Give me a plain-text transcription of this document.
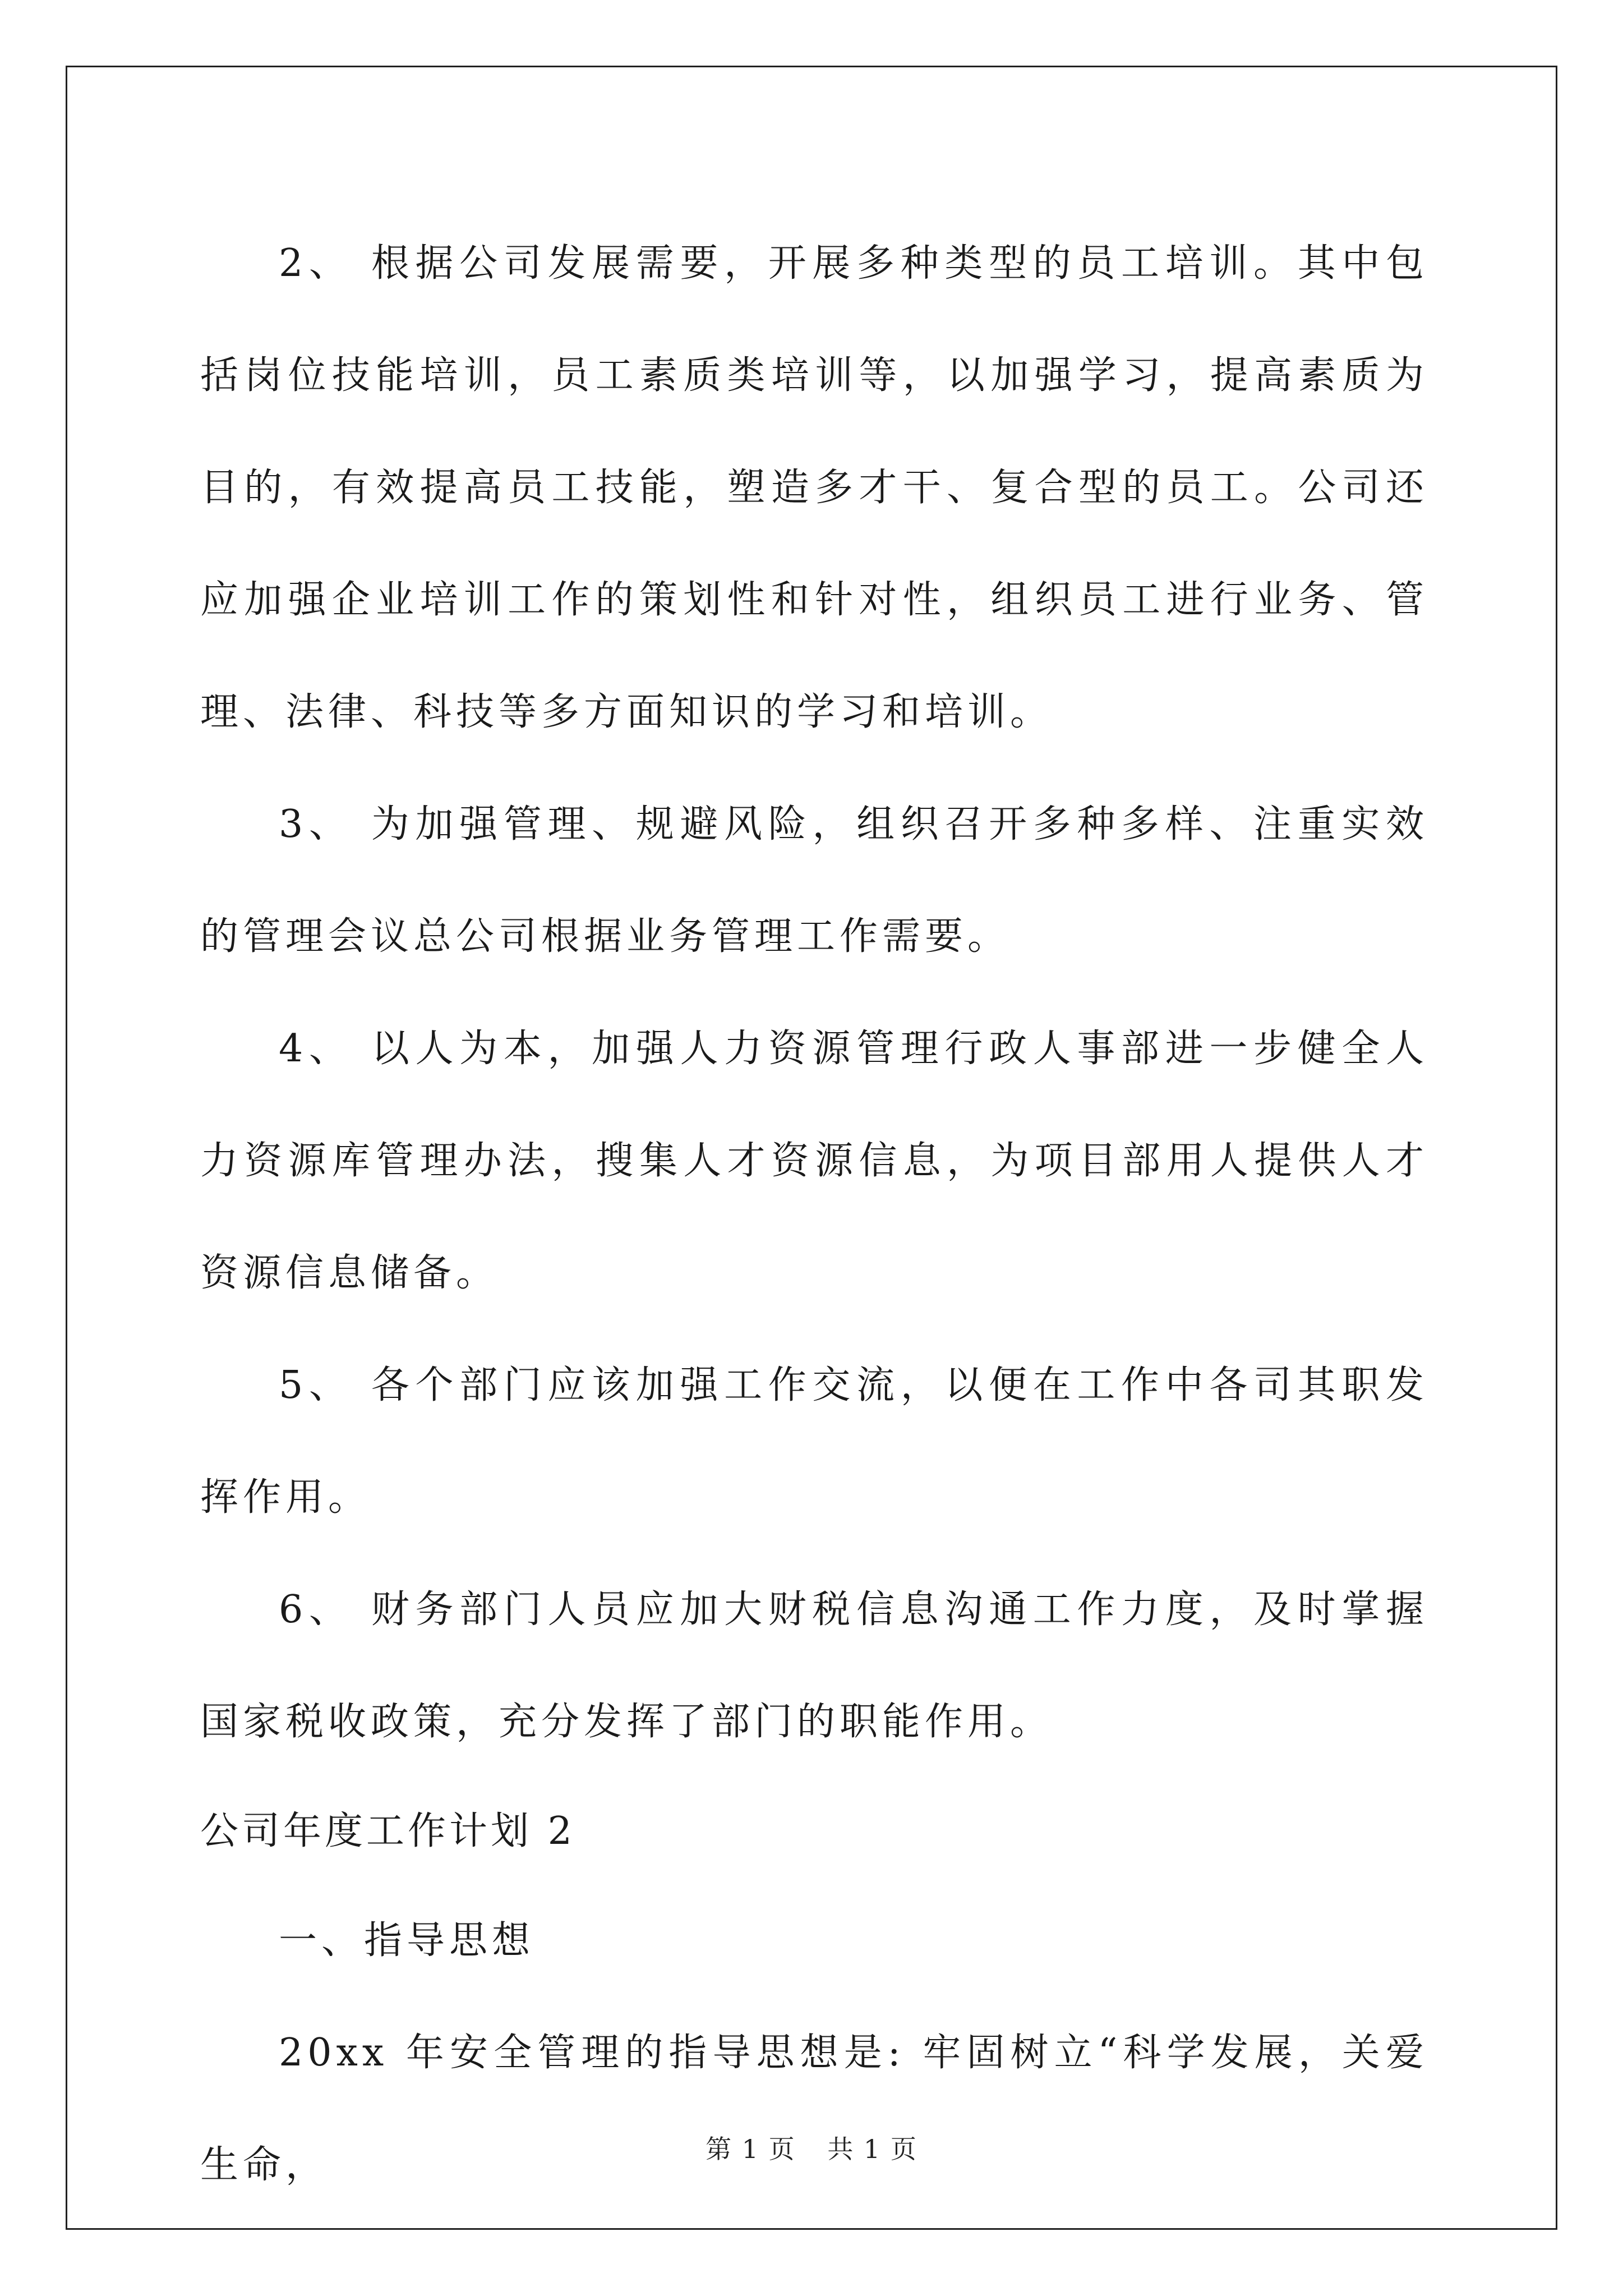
2、 根据公司发展需要，开展多种类型的员工培训。其中包括岗位技能培训，员工素质类培训等，以加强学习，提高素质为目的，有效提高员工技能，塑造多才干、复合型的员工。公司还应加强企业培训工作的策划性和针对性，组织员工进行业务、管理、法律、科技等多方面知识的学习和培训。

3、 为加强管理、规避风险，组织召开多种多样、注重实效的管理会议总公司根据业务管理工作需要。

4、 以人为本，加强人力资源管理行政人事部进一步健全人力资源库管理办法，搜集人才资源信息，为项目部用人提供人才资源信息储备。

5、 各个部门应该加强工作交流，以便在工作中各司其职发挥作用。

6、 财务部门人员应加大财税信息沟通工作力度，及时掌握国家税收政策，充分发挥了部门的职能作用。

公司年度工作计划 2

一、指导思想

20xx 年安全管理的指导思想是: 牢固树立“科学发展，关爱生命，	第 1 页 共 1 页
